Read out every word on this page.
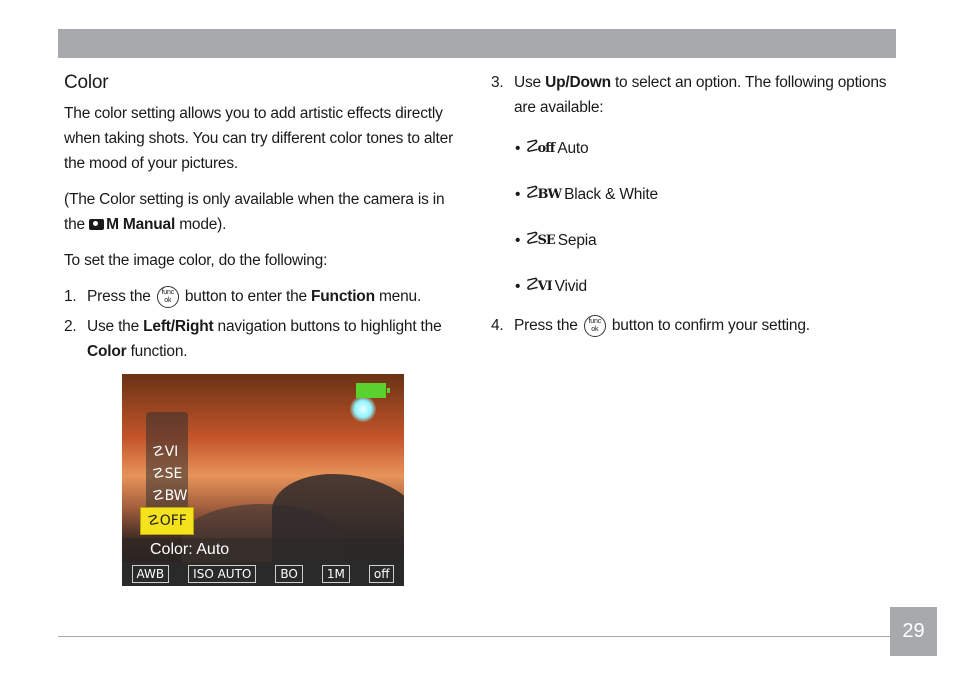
Color

The color setting allows you to add artistic effects directly when taking shots. You can try different color tones to alter the mood of your pictures.

(The Color setting is only available when the camera is in the M Manual mode).

To set the image color, do the following:

1. Press the func
ok button to enter the Function menu.
2. Use the Left/Right navigation buttons to highlight the Color function.
☡VI
☡SE
☡BW
☡ OFF
Color: Auto
AWB	ISO AUTO	BO	1M	off
3. Use Up/Down to select an option. The following options are available:
• ☡off Auto
• ☡BW Black & White
• ☡SE Sepia
• ☡VI Vivid
4. Press the func
ok button to confirm your setting.
29
